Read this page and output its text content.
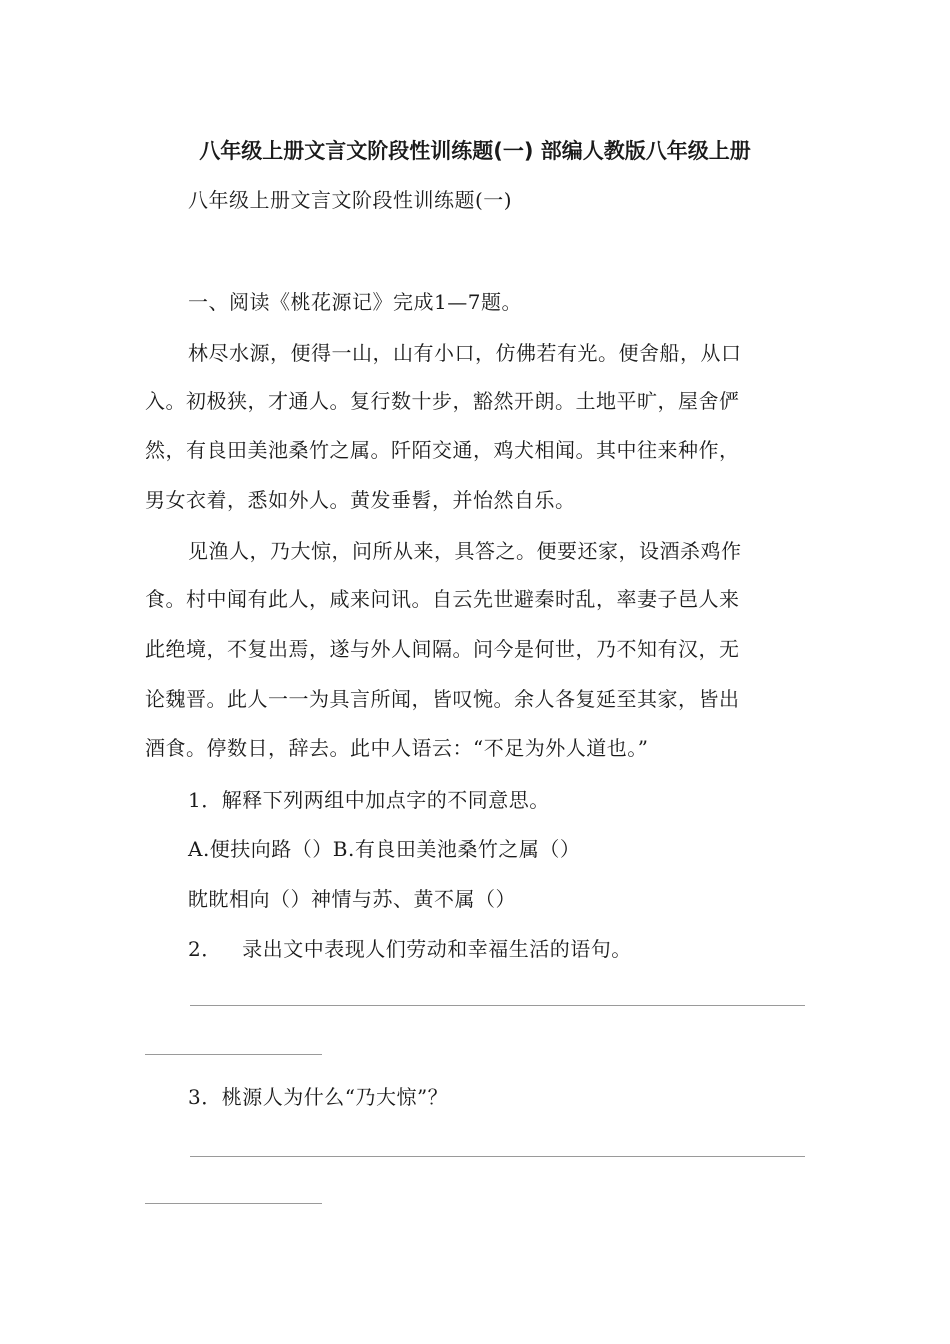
八年级上册文言文阶段性训练题(一) 部编人教版八年级上册
八年级上册文言文阶段性训练题(一)
一、阅读《桃花源记》完成1—7题。
林尽水源，便得一山，山有小口，仿佛若有光。便舍船，从口
入。初极狭，才通人。复行数十步，豁然开朗。土地平旷，屋舍俨
然，有良田美池桑竹之属。阡陌交通，鸡犬相闻。其中往来种作，
男女衣着，悉如外人。黄发垂髫，并怡然自乐。
见渔人，乃大惊，问所从来，具答之。便要还家，设酒杀鸡作
食。村中闻有此人，咸来问讯。自云先世避秦时乱，率妻子邑人来
此绝境，不复出焉，遂与外人间隔。问今是何世，乃不知有汉，无
论魏晋。此人一一为具言所闻，皆叹惋。余人各复延至其家，皆出
酒食。停数日，辞去。此中人语云：“不足为外人道也。”
1．解释下列两组中加点字的不同意思。
A.便扶向路（）B.有良田美池桑竹之属（）
眈眈相向（）神情与苏、黄不属（）
2．   录出文中表现人们劳动和幸福生活的语句。
3．桃源人为什么“乃大惊”？
